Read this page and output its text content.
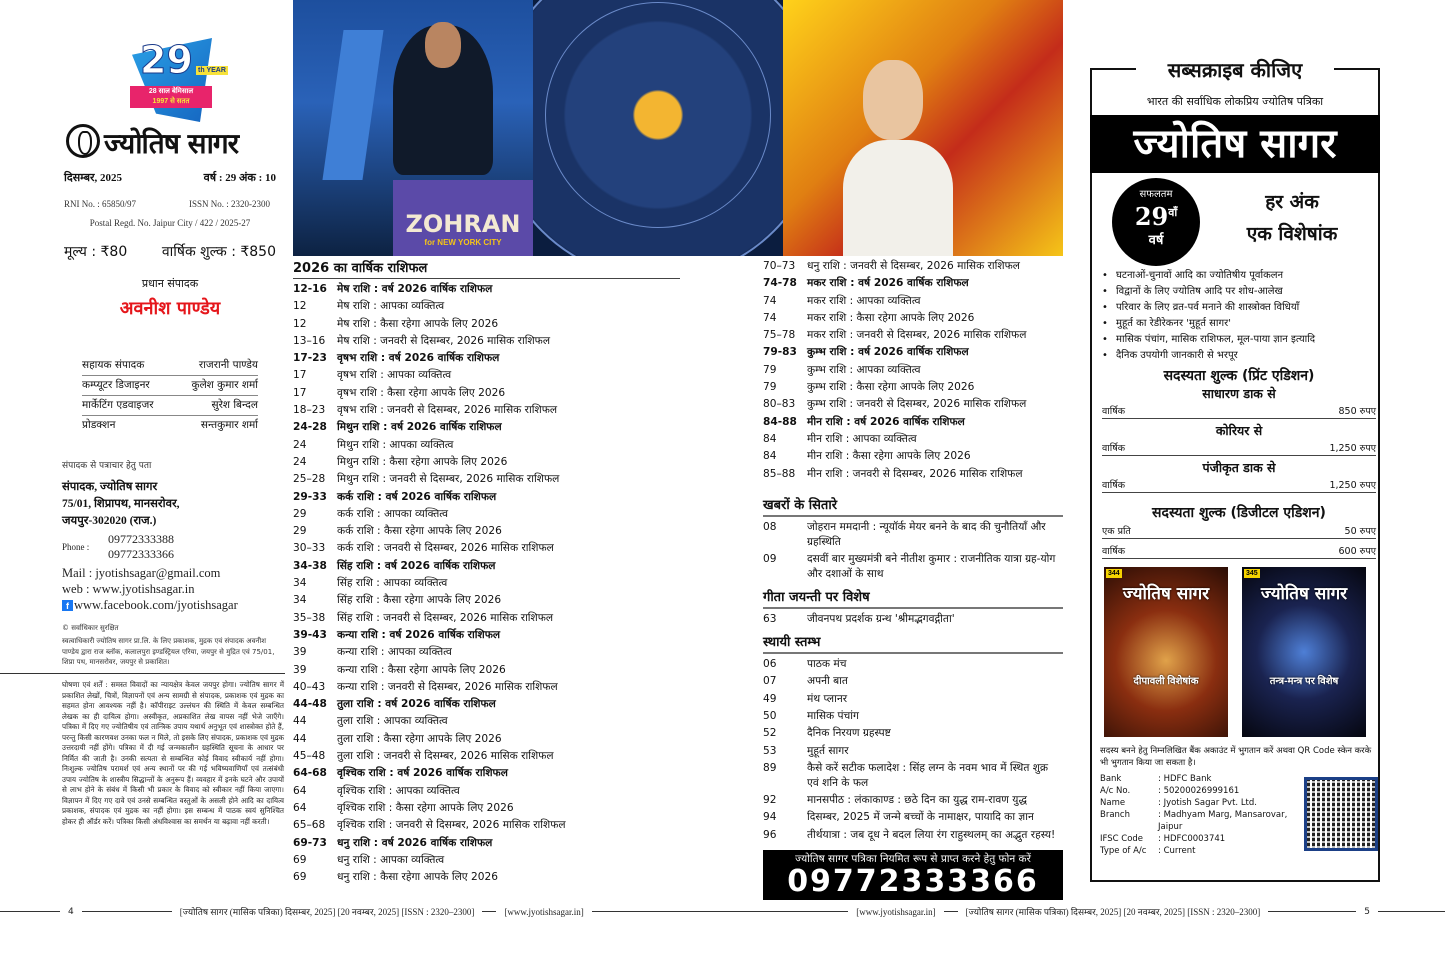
29 th YEAR
28 साल बेमिसाल
1997 से सतत
ज्योतिष सागर
दिसम्बर, 2025	वर्ष : 29 अंक : 10
RNI No. : 65850/97	ISSN No. : 2320-2300
Postal Regd. No. Jaipur City / 422 / 2025-27
मूल्य : ₹80 वार्षिक शुल्क : ₹850
प्रधान संपादक
अवनीश पाण्डेय
सहायक संपादक	राजरानी पाण्डेय
कम्प्यूटर डिजाइनर	कुलेश कुमार शर्मा
मार्केटिंग एडवाइजर	सुरेश बिन्दल
प्रोडक्शन	सन्तकुमार शर्मा
संपादक से पत्राचार हेतु पता
संपादक, ज्योतिष सागर
75/01, शिप्रापथ, मानसरोवर,
जयपुर-302020 (राज.)
Phone :
09772333388
09772333366
Mail : jyotishsagar@gmail.com
web : www.jyotishsagar.in
f www.facebook.com/jyotishsagar
© सर्वाधिकार सुरक्षित
स्वत्वाधिकारी ज्योतिष सागर प्रा.लि. के लिए प्रकाशक, मुद्रक एवं संपादक अवनीश पाण्डेय द्वारा राज ब्लॉक, कलालपुरा इण्डस्ट्रियल एरिया, जयपुर से मुद्रित एवं 75/01, शिप्रा पथ, मानसरोवर, जयपुर से प्रकाशित।
घोषणा एवं शर्तें : समस्त विवादों का न्यायक्षेत्र केवल जयपुर होगा। ज्योतिष सागर में प्रकाशित लेखों, चित्रों, विज्ञापनों एवं अन्य सामग्री से संपादक, प्रकाशक एवं मुद्रक का सहमत होना आवश्यक नहीं है। कॉपीराइट उल्लंघन की स्थिति में केवल सम्बन्धित लेखक का ही दायित्व होगा। अस्वीकृत, अप्रकाशित लेख वापस नहीं भेजे जाएँगे। पत्रिका में दिए गए ज्योतिषीय एवं तान्त्रिक उपाय यथार्थ अनुभूत एवं शास्त्रोक्त होते हैं, परन्तु किसी कारणवश उनका फल न मिले, तो इसके लिए संपादक, प्रकाशक एवं मुद्रक उत्तरदायी नहीं होंगे। पत्रिका में दी गई जन्मकालीन ग्रहस्थिति सूचना के आधार पर निर्मित की जाती है। उनकी सत्यता से सम्बन्धित कोई विवाद स्वीकार्य नहीं होगा। निःशुल्क ज्योतिष परामर्श एवं अन्य स्थानों पर की गई भविष्यवाणियाँ एवं तत्संबंधी उपाय ज्योतिष के शास्त्रीय सिद्धान्तों के अनुरूप हैं। व्यवहार में इनके घटने और उपायों से लाभ होने के संबंध में किसी भी प्रकार के विवाद को स्वीकार नहीं किया जाएगा। विज्ञापन में दिए गए दावे एवं उनसे सम्बन्धित वस्तुओं के असली होने आदि का दायित्व प्रकाशक, संपादक एवं मुद्रक का नहीं होगा। इस सम्बन्ध में पाठक स्वयं सुनिश्चित होकर ही ऑर्डर करें। पत्रिका किसी अंधविश्वास का समर्थन या बढ़ावा नहीं करती।
ZOHRAN
for NEW YORK CITY
2026 का वार्षिक राशिफल
12-16 मेष राशि : वर्ष 2026 वार्षिक राशिफल
12	मेष राशि : आपका व्यक्तित्व
12	मेष राशि : कैसा रहेगा आपके लिए 2026
13–16	मेष राशि : जनवरी से दिसम्बर, 2026 मासिक राशिफल
17-23 वृषभ राशि : वर्ष 2026 वार्षिक राशिफल
17	वृषभ राशि : आपका व्यक्तित्व
17	वृषभ राशि : कैसा रहेगा आपके लिए 2026
18–23	वृषभ राशि : जनवरी से दिसम्बर, 2026 मासिक राशिफल
24-28 मिथुन राशि : वर्ष 2026 वार्षिक राशिफल
24	मिथुन राशि : आपका व्यक्तित्व
24	मिथुन राशि : कैसा रहेगा आपके लिए 2026
25–28	मिथुन राशि : जनवरी से दिसम्बर, 2026 मासिक राशिफल
29-33 कर्क राशि : वर्ष 2026 वार्षिक राशिफल
29	कर्क राशि : आपका व्यक्तित्व
29	कर्क राशि : कैसा रहेगा आपके लिए 2026
30–33	कर्क राशि : जनवरी से दिसम्बर, 2026 मासिक राशिफल
34-38 सिंह राशि : वर्ष 2026 वार्षिक राशिफल
34	सिंह राशि : आपका व्यक्तित्व
34	सिंह राशि : कैसा रहेगा आपके लिए 2026
35–38	सिंह राशि : जनवरी से दिसम्बर, 2026 मासिक राशिफल
39-43 कन्या राशि : वर्ष 2026 वार्षिक राशिफल
39	कन्या राशि : आपका व्यक्तित्व
39	कन्या राशि : कैसा रहेगा आपके लिए 2026
40–43	कन्या राशि : जनवरी से दिसम्बर, 2026 मासिक राशिफल
44-48 तुला राशि : वर्ष 2026 वार्षिक राशिफल
44	तुला राशि : आपका व्यक्तित्व
44	तुला राशि : कैसा रहेगा आपके लिए 2026
45–48	तुला राशि : जनवरी से दिसम्बर, 2026 मासिक राशिफल
64-68 वृश्चिक राशि : वर्ष 2026 वार्षिक राशिफल
64	वृश्चिक राशि : आपका व्यक्तित्व
64	वृश्चिक राशि : कैसा रहेगा आपके लिए 2026
65–68	वृश्चिक राशि : जनवरी से दिसम्बर, 2026 मासिक राशिफल
69-73 धनु राशि : वर्ष 2026 वार्षिक राशिफल
69	धनु राशि : आपका व्यक्तित्व
69	धनु राशि : कैसा रहेगा आपके लिए 2026
70–73	धनु राशि : जनवरी से दिसम्बर, 2026 मासिक राशिफल
74-78 मकर राशि : वर्ष 2026 वार्षिक राशिफल
74	मकर राशि : आपका व्यक्तित्व
74	मकर राशि : कैसा रहेगा आपके लिए 2026
75–78	मकर राशि : जनवरी से दिसम्बर, 2026 मासिक राशिफल
79-83 कुम्भ राशि : वर्ष 2026 वार्षिक राशिफल
79	कुम्भ राशि : आपका व्यक्तित्व
79	कुम्भ राशि : कैसा रहेगा आपके लिए 2026
80–83	कुम्भ राशि : जनवरी से दिसम्बर, 2026 मासिक राशिफल
84-88 मीन राशि : वर्ष 2026 वार्षिक राशिफल
84	मीन राशि : आपका व्यक्तित्व
84	मीन राशि : कैसा रहेगा आपके लिए 2026
85–88	मीन राशि : जनवरी से दिसम्बर, 2026 मासिक राशिफल
खबरों के सितारे
08	जोहरान ममदानी : न्यूयॉर्क मेयर बनने के बाद की चुनौतियाँ और ग्रहस्थिति
09	दसवीं बार मुख्यमंत्री बने नीतीश कुमार : राजनीतिक यात्रा ग्रह-योग और दशाओं के साथ
गीता जयन्ती पर विशेष
63	जीवनपथ प्रदर्शक ग्रन्थ 'श्रीमद्भगवद्गीता'
स्थायी स्तम्भ
06	पाठक मंच
07	अपनी बात
49	मंथ प्लानर
50	मासिक पंचांग
52	दैनिक निरयण ग्रहस्पष्ट
53	मुहूर्त सागर
89	कैसे करें सटीक फलादेश : सिंह लग्न के नवम भाव में स्थित शुक्र एवं शनि के फल
92	मानसपीठ : लंकाकाण्ड : छठे दिन का युद्ध राम-रावण युद्ध
94	दिसम्बर, 2025 में जन्मे बच्चों के नामाक्षर, पायादि का ज्ञान
96	तीर्थयात्रा : जब दूध ने बदल लिया रंग राहुस्थलम् का अद्भुत रहस्य!
ज्योतिष सागर पत्रिका नियमित रूप से प्राप्त करने हेतु फोन करें
09772333366
सब्सक्राइब कीजिए
भारत की सर्वाधिक लोकप्रिय ज्योतिष पत्रिका
ज्योतिष सागर
सफलतम
$29^{वाँ}$
वर्ष
हर अंक
एक विशेषांक
• घटनाओं-चुनावों आदि का ज्योतिषीय पूर्वाकलन
• विद्वानों के लिए ज्योतिष आदि पर शोध-आलेख
• परिवार के लिए व्रत-पर्व मनाने की शास्त्रोक्त विधियाँ
• मुहूर्त का रेडीरेकनर 'मुहूर्त सागर'
• मासिक पंचांग, मासिक राशिफल, मूल-पाया ज्ञान इत्यादि
• दैनिक उपयोगी जानकारी से भरपूर
सदस्यता शुल्क (प्रिंट एडिशन)
साधारण डाक से
वार्षिक	850 रुपए
कोरियर से
वार्षिक	1,250 रुपए
पंजीकृत डाक से
वार्षिक	1,250 रुपए
सदस्यता शुल्क (डिजीटल एडिशन)
एक प्रति	50 रुपए
वार्षिक	600 रुपए
344
ज्योतिष सागर
दीपावली विशेषांक
345
ज्योतिष सागर
तन्त्र-मन्त्र पर विशेष
सदस्य बनने हेतु निम्नलिखित बैंक अकाउंट में भुगतान करें अथवा QR Code स्केन करके भी भुगतान किया जा सकता है।
Bank	: HDFC Bank
A/c No.	: 50200026999161
Name	: Jyotish Sagar Pvt. Ltd.
Branch	: Madhyam Marg, Mansarovar, Jaipur
IFSC Code	: HDFC0003741
Type of A/c	: Current
4	[ज्योतिष सागर (मासिक पत्रिका) दिसम्बर, 2025] [20 नवम्बर, 2025] [ISSN : 2320–2300]	[www.jyotishsagar.in]	[www.jyotishsagar.in]	[ज्योतिष सागर (मासिक पत्रिका) दिसम्बर, 2025] [20 नवम्बर, 2025] [ISSN : 2320–2300]	5
